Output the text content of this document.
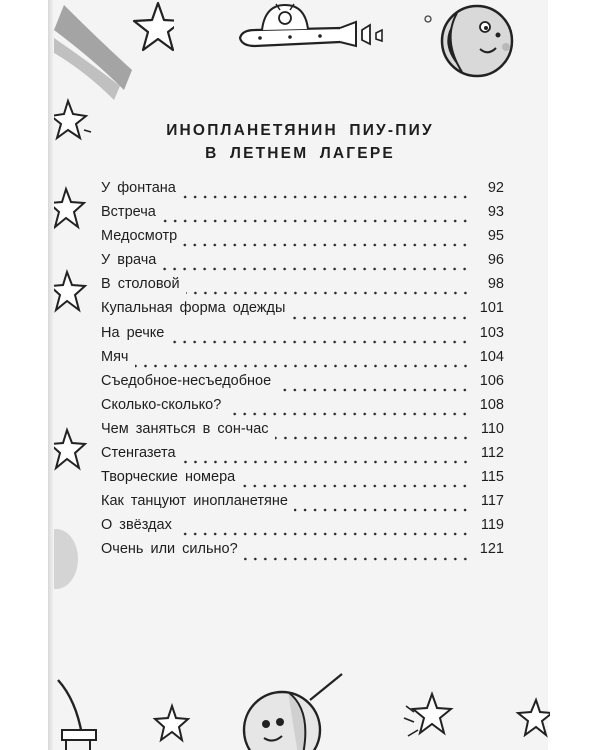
ИНОПЛАНЕТЯНИН ПИУ-ПИУ
В ЛЕТНЕМ ЛАГЕРЕ
У фонтана	92
Встреча	93
Медосмотр	95
У врача	96
В столовой	98
Купальная форма одежды	101
На речке	103
Мяч	104
Съедобное-несъедобное	106
Сколько-сколько?	108
Чем заняться в сон-час	110
Стенгазета	112
Творческие номера	115
Как танцуют инопланетяне	117
О звёздах	119
Очень или сильно?	121
